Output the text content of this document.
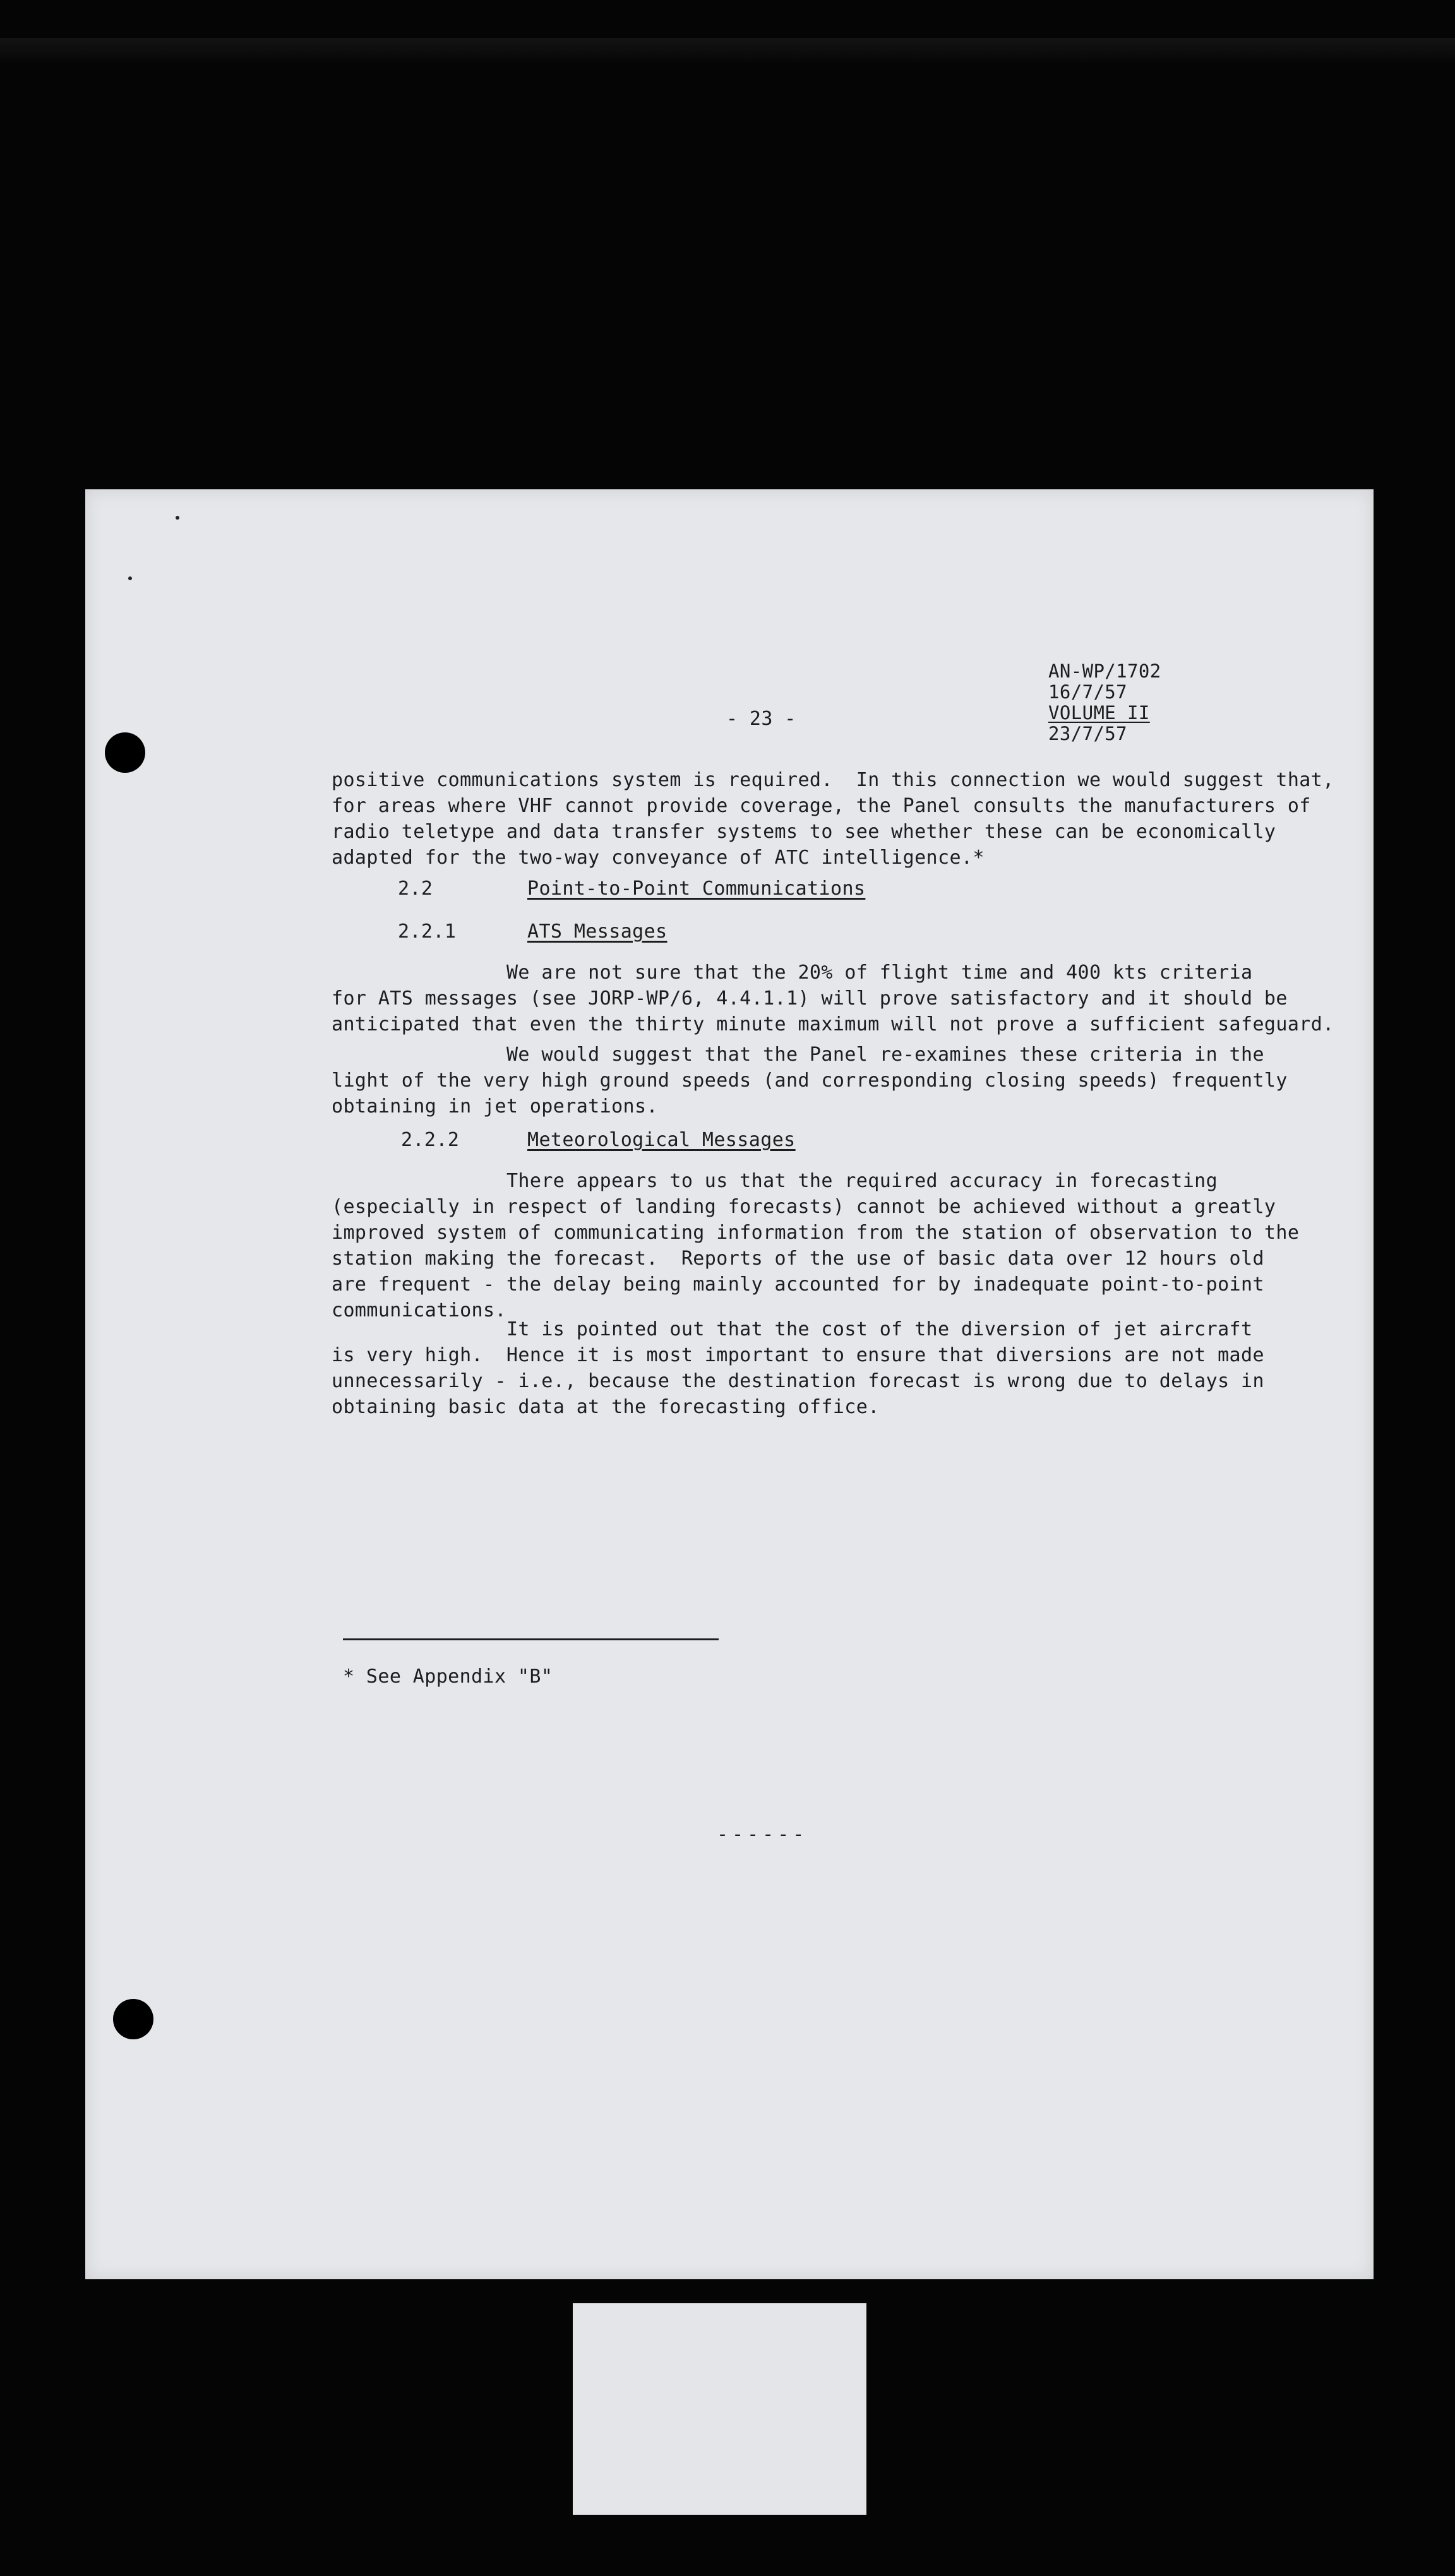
AN-WP/1702
16/7/57
VOLUME II
23/7/57
- 23 -
positive communications system is required.  In this connection we would suggest that,
for areas where VHF cannot provide coverage, the Panel consults the manufacturers of
radio teletype and data transfer systems to see whether these can be economically
adapted for the two-way conveyance of ATC intelligence.*
2.2	Point-to-Point Communications
2.2.1	ATS Messages
We are not sure that the 20% of flight time and 400 kts criteria
for ATS messages (see JORP-WP/6, 4.4.1.1) will prove satisfactory and it should be
anticipated that even the thirty minute maximum will not prove a sufficient safeguard.
We would suggest that the Panel re-examines these criteria in the
light of the very high ground speeds (and corresponding closing speeds) frequently
obtaining in jet operations.
2.2.2	Meteorological Messages
There appears to us that the required accuracy in forecasting
(especially in respect of landing forecasts) cannot be achieved without a greatly
improved system of communicating information from the station of observation to the
station making the forecast.  Reports of the use of basic data over 12 hours old
are frequent - the delay being mainly accounted for by inadequate point-to-point
communications.
It is pointed out that the cost of the diversion of jet aircraft
is very high.  Hence it is most important to ensure that diversions are not made
unnecessarily - i.e., because the destination forecast is wrong due to delays in
obtaining basic data at the forecasting office.
* See Appendix "B"
------
